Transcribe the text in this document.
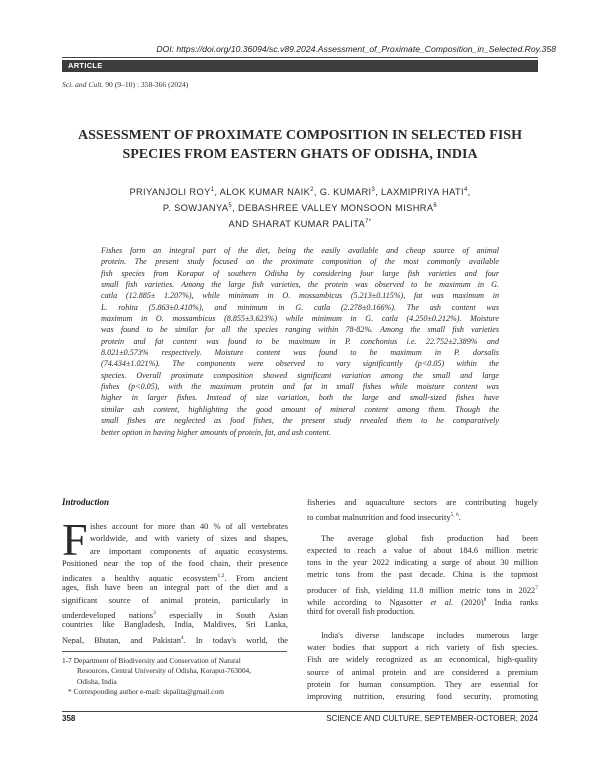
DOI: https://doi.org/10.36094/sc.v89.2024.Assessment_of_Proximate_Composition_in_Selected.Roy.358
ARTICLE
Sci. and Cult. 90 (9–10) : 358-366 (2024)
ASSESSMENT OF PROXIMATE COMPOSITION IN SELECTED FISH
SPECIES FROM EASTERN GHATS OF ODISHA, INDIA
PRIYANJOLI ROY$^1$, ALOK KUMAR NAIK$^2$, G. KUMARI$^3$, LAXMIPRIYA HATI$^4$,
P. SOWJANYA$^5$, DEBASHREE VALLEY MONSOON MISHRA$^6$
AND SHARAT KUMAR $PALITA^{7*}$
Fishes form an integral part of the diet, being the easily available and cheap source of animal
protein. The present study focused on the proximate composition of the most commonly available
fish species from Koraput of southern Odisha by considering four large fish varieties and four
small fish varieties. Among the large fish varieties, the protein was observed to be maximum in G.
catla (12.885± 1.207%), while minimum in O. mossambicus (5.213±0.115%), fat was maximum in
L. rohita (5.863±0.410%), and minimum in G. catla (2.278±0.166%). The ash content was
maximum in O. mossambicus (8.855±3.623%) while minimum in G. catla (4.250±0.212%). Moisture
was found to be similar for all the species ranging within 78-82%. Among the small fish varieties
protein and fat content was found to be maximum in P. conchonius i.e. 22.752±2.389% and
8.021±0.573% respectively. Moisture content was found to be maximum in P. dorsalis
(74.434±1.021%). The components were observed to vary significantly (p<0.05) within the
species. Overall proximate composition showed significant variation among the small and large
fishes (p<0.05), with the maximum protein and fat in small fishes while moisture content was
higher in larger fishes. Instead of size variation, both the large and small-sized fishes have
similar ash content, highlighting the good amount of mineral content among them. Though the
small fishes are neglected as food fishes, the present study revealed them to be comparatively
better option in having higher amounts of protein, fat, and ash content.
Introduction
F ishes account for more than 40 % of all vertebrates
worldwide, and with variety of sizes and shapes,
are important components of aquatic ecosystems.
Positioned near the top of the food chain, their presence
indicates a healthy aquatic ecosystem$^{1,2}$. From ancient
ages, fish have been an integral part of the diet and a
significant source of animal protein, particularly in
underdeveloped nations$^3$ especially in South Asian
countries like Bangladesh, India, Maldives, Sri Lanka,
Nepal, Bhutan, and Pakistan$^4$. In today's world, the
fisheries and aquaculture sectors are contributing hugely
to combat malnutrition and food insecurity$^{5, 6}$.
The average global fish production had been
expected to reach a value of about 184.6 million metric
tons in the year 2022 indicating a surge of about 30 million
metric tons from the past decade. China is the topmost
producer of fish, yielding 11.8 million metric tons in 2022$^7$
while according to Ngasotter et al. $(2020)^8$ India ranks
third for overall fish production.
India's diverse landscape includes numerous large
water bodies that support a rich variety of fish species.
Fish are widely recognized as an economical, high-quality
source of animal protein and are considered a premium
protein for human consumption. They are essential for
improving nutrition, ensuring food security, promoting
1-7 Department of Biodiversity and Conservation of Natural
Resources, Central University of Odisha, Koraput-763004,
Odisha, India
* Corresponding author e-mail: skpalita@gmail.com
358	SCIENCE AND CULTURE, SEPTEMBER-OCTOBER, 2024
